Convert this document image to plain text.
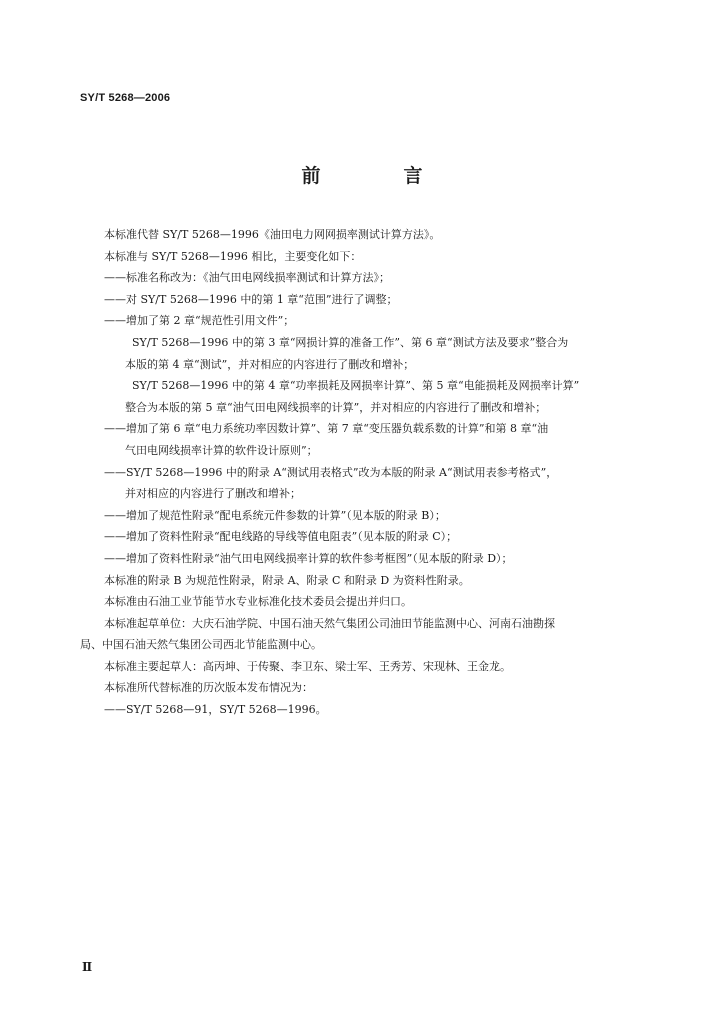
SY/T 5268—2006
前　言

本标准代替 SY/T 5268—1996《油田电力网网损率测试计算方法》。

本标准与 SY/T 5268—1996 相比，主要变化如下：

——标准名称改为：《油气田电网线损率测试和计算方法》；

——对 SY/T 5268—1996 中的第 1 章“范围”进行了调整；

——增加了第 2 章“规范性引用文件”；

SY/T 5268—1996 中的第 3 章“网损计算的准备工作”、第 6 章“测试方法及要求”整合为

本版的第 4 章“测试”，并对相应的内容进行了删改和增补；

SY/T 5268—1996 中的第 4 章“功率损耗及网损率计算”、第 5 章“电能损耗及网损率计算”

整合为本版的第 5 章“油气田电网线损率的计算”，并对相应的内容进行了删改和增补；

——增加了第 6 章“电力系统功率因数计算”、第 7 章“变压器负载系数的计算”和第 8 章“油

气田电网线损率计算的软件设计原则”；

——SY/T 5268—1996 中的附录 A“测试用表格式”改为本版的附录 A“测试用表参考格式”，

并对相应的内容进行了删改和增补；

——增加了规范性附录“配电系统元件参数的计算”（见本版的附录 B）；

——增加了资料性附录“配电线路的导线等值电阻表”（见本版的附录 C）；

——增加了资料性附录“油气田电网线损率计算的软件参考框图”（见本版的附录 D）；

本标准的附录 B 为规范性附录，附录 A、附录 C 和附录 D 为资料性附录。

本标准由石油工业节能节水专业标准化技术委员会提出并归口。

本标准起草单位：大庆石油学院、中国石油天然气集团公司油田节能监测中心、河南石油勘探

局、中国石油天然气集团公司西北节能监测中心。

本标准主要起草人：高丙坤、于传聚、李卫东、梁士军、王秀芳、宋现林、王金龙。

本标准所代替标准的历次版本发布情况为：

——SY/T 5268—91，SY/T 5268—1996。

Ⅱ
